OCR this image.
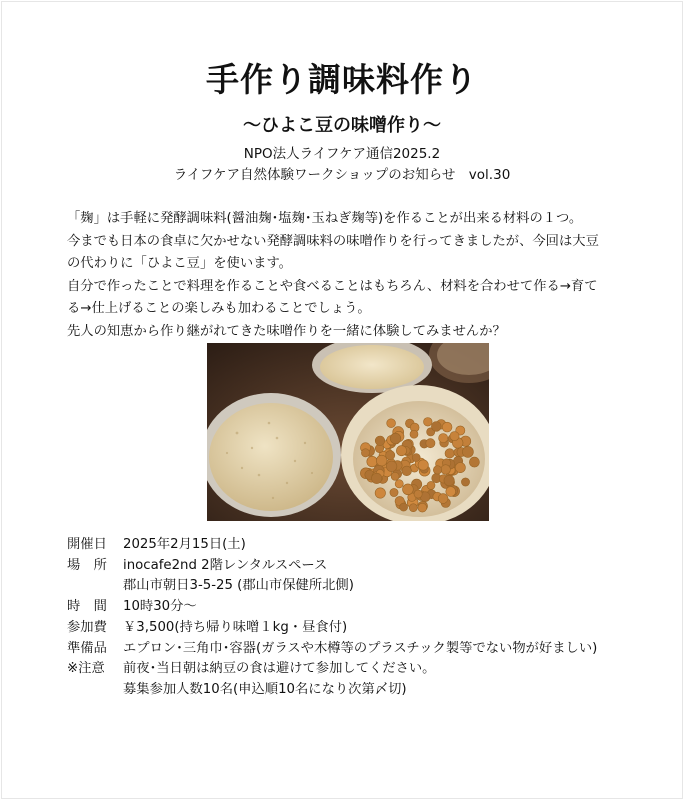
手作り調味料作り
〜ひよこ豆の味噌作り〜
NPO法人ライフケア通信2025.2
ライフケア自然体験ワークショップのお知らせ　vol.30
「麹」は手軽に発酵調味料(醤油麹･塩麹･玉ねぎ麹等)を作ることが出来る材料の１つ。
今までも日本の食卓に欠かせない発酵調味料の味噌作りを行ってきましたが、今回は大豆
の代わりに「ひよこ豆」を使います。
自分で作ったことで料理を作ることや食べることはもちろん、材料を合わせて作る→育て
る→仕上げることの楽しみも加わることでしょう。
先人の知恵から作り継がれてきた味噌作りを一緒に体験してみませんか？
開催日	2025年2月15日(土)
場　所	inocafe2nd 2階レンタルスペース
郡山市朝日3-5-25 (郡山市保健所北側)
時　間	10時30分〜
参加費	￥3,500(持ち帰り味噌１kg・昼食付)
準備品	エプロン･三角巾･容器(ガラスや木樽等のプラスチック製等でない物が好ましい)
※注意	前夜･当日朝は納豆の食は避けて参加してください。
募集参加人数10名(申込順10名になり次第〆切)
